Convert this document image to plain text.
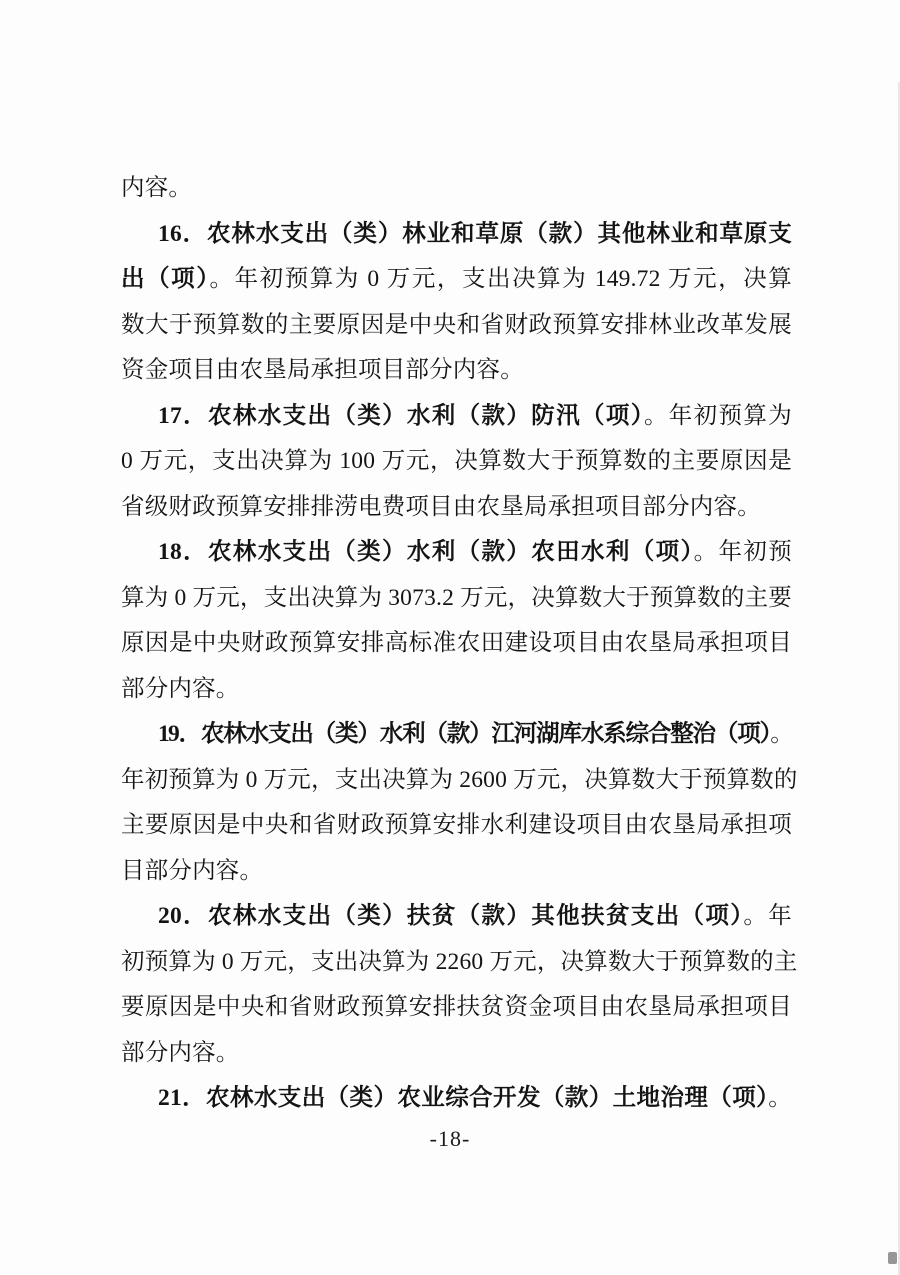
内容。
16．农林水支出（类）林业和草原（款）其他林业和草原支
出（项）。年初预算为 0 万元，支出决算为 149.72 万元，决算
数大于预算数的主要原因是中央和省财政预算安排林业改革发展
资金项目由农垦局承担项目部分内容。
17．农林水支出（类）水利（款）防汛（项）。年初预算为
0 万元，支出决算为 100 万元，决算数大于预算数的主要原因是
省级财政预算安排排涝电费项目由农垦局承担项目部分内容。
18．农林水支出（类）水利（款）农田水利（项）。年初预
算为 0 万元，支出决算为 3073.2 万元，决算数大于预算数的主要
原因是中央财政预算安排高标准农田建设项目由农垦局承担项目
部分内容。
19．农林水支出（类）水利（款）江河湖库水系综合整治（项）。
年初预算为 0 万元，支出决算为 2600 万元，决算数大于预算数的
主要原因是中央和省财政预算安排水利建设项目由农垦局承担项
目部分内容。
20．农林水支出（类）扶贫（款）其他扶贫支出（项）。年
初预算为 0 万元，支出决算为 2260 万元，决算数大于预算数的主
要原因是中央和省财政预算安排扶贫资金项目由农垦局承担项目
部分内容。
21．农林水支出（类）农业综合开发（款）土地治理（项）。
-18-
